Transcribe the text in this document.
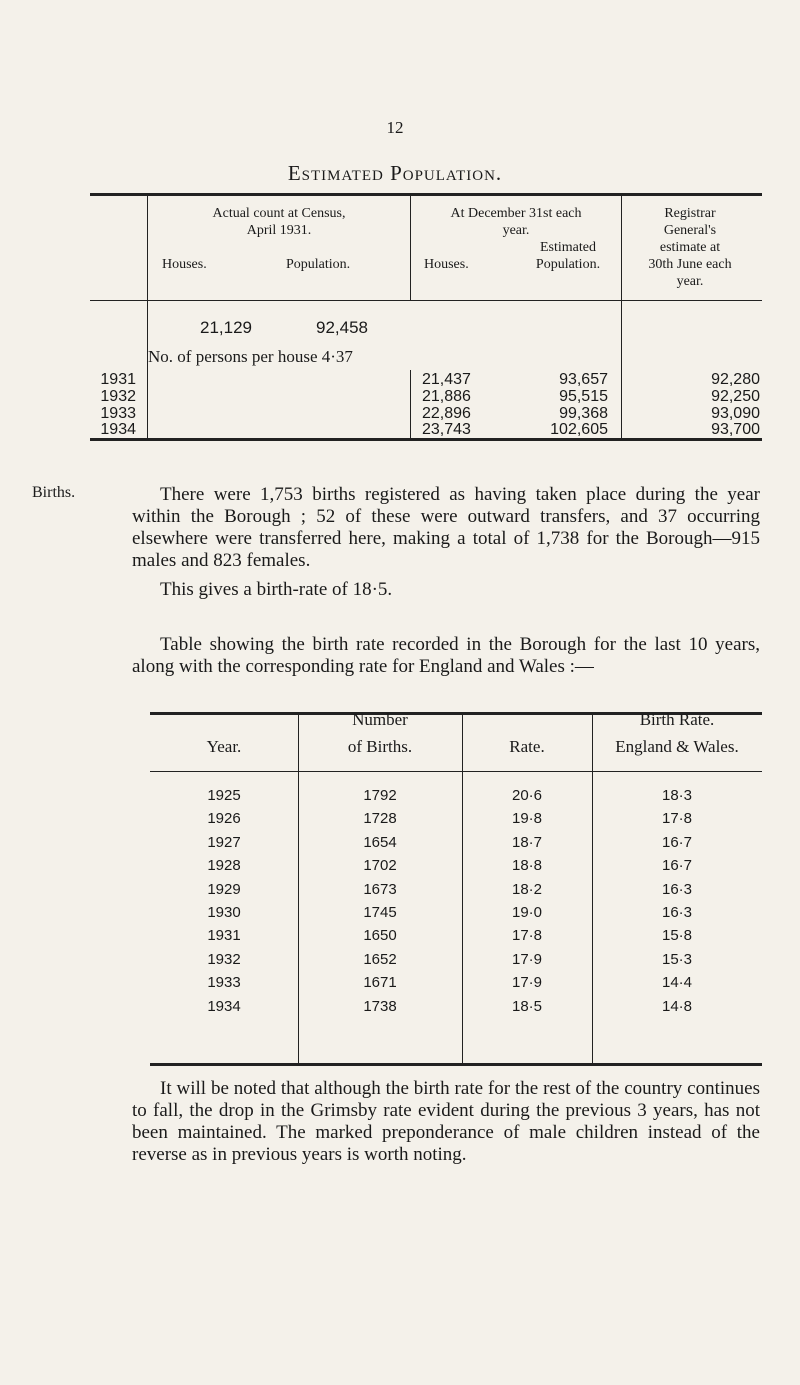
12
Estimated Population.
Actual count at Census,
April 1931.
Houses.	Population.
At December 31st each
year.
Estimated
Houses.	Population.
Registrar
General's
estimate at
30th June each
year.
21,129	92,458
No. of persons per house 4·37
1931	21,437	93,657	92,280
1932	21,886	95,515	92,250
1933	22,896	99,368	93,090
1934	23,743	102,605	93,700
Births.	There were 1,753 births registered as having taken place during the year within the Borough ; 52 of these were outward transfers, and 37 occurring elsewhere were transferred here, making a total of 1,738 for the Borough—915 males and 823 females.
This gives a birth-rate of 18·5.
Table showing the birth rate recorded in the Borough for the last 10 years, along with the corresponding rate for England and Wales :—
Year.
Number
of Births.	Rate.
Birth Rate.
England & Wales.
1925	1792	20·6	18·3
1926	1728	19·8	17·8
1927	1654	18·7	16·7
1928	1702	18·8	16·7
1929	1673	18·2	16·3
1930	1745	19·0	16·3
1931	1650	17·8	15·8
1932	1652	17·9	15·3
1933	1671	17·9	14·4
1934	1738	18·5	14·8
It will be noted that although the birth rate for the rest of the country continues to fall, the drop in the Grimsby rate evident during the previous 3 years, has not been maintained. The marked preponderance of male children instead of the reverse as in previous years is worth noting.
